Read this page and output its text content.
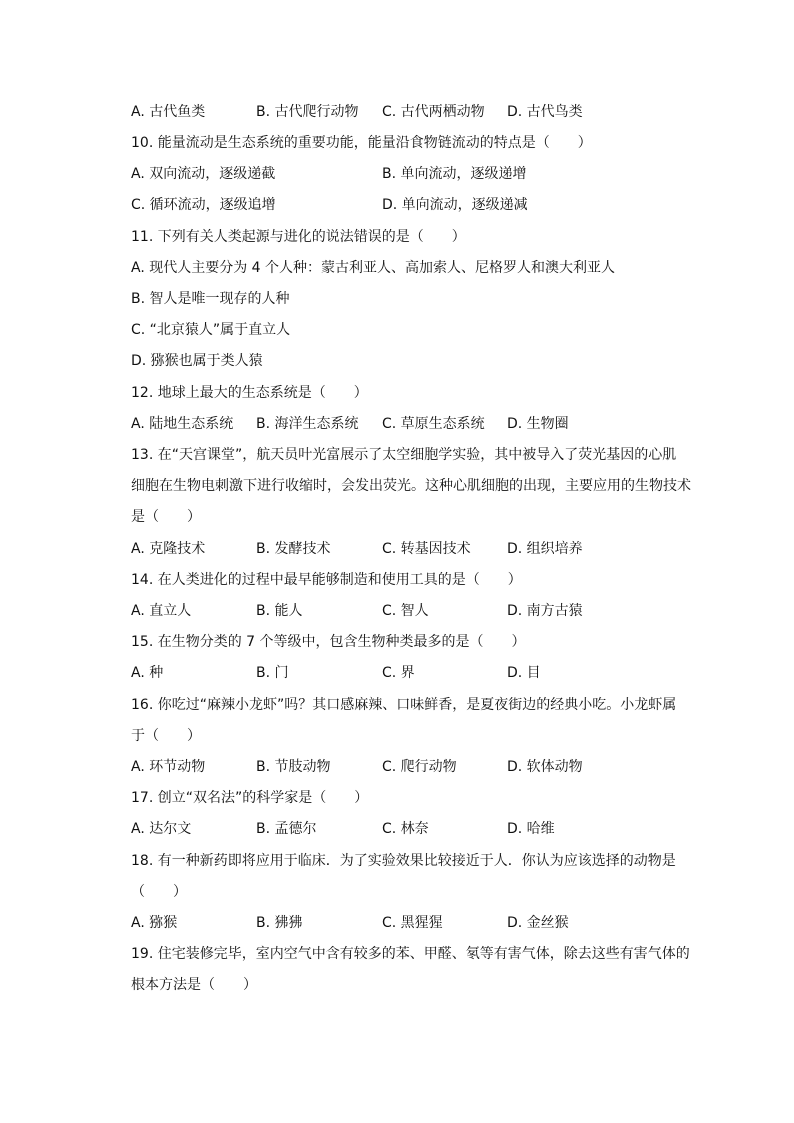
A. 古代鱼类	B. 古代爬行动物 C. 古代两栖动物 D. 古代鸟类
10. 能量流动是生态系统的重要功能，能量沿食物链流动的特点是（　　）
A. 双向流动，逐级递截	B. 单向流动，逐级递增
C. 循环流动，逐级追增	D. 单向流动，逐级递减
11. 下列有关人类起源与进化的说法错误的是（　　）
A. 现代人主要分为 4 个人种：蒙古利亚人、高加索人、尼格罗人和澳大利亚人
B. 智人是唯一现存的人种
C. “北京猿人”属于直立人
D. 猕猴也属于类人猿
12. 地球上最大的生态系统是（　　）
A. 陆地生态系统 B. 海洋生态系统 C. 草原生态系统 D. 生物圈
13. 在“天宫课堂”，航天员叶光富展示了太空细胞学实验，其中被导入了荧光基因的心肌
细胞在生物电刺激下进行收缩时，会发出荧光。这种心肌细胞的出现，主要应用的生物技术
是（　　）
A. 克隆技术	B. 发酵技术	C. 转基因技术	D. 组织培养
14. 在人类进化的过程中最早能够制造和使用工具的是（　　）
A. 直立人	B. 能人	C. 智人	D. 南方古猿
15. 在生物分类的 7 个等级中，包含生物种类最多的是（　　）
A. 种	B. 门	C. 界	D. 目
16. 你吃过“麻辣小龙虾”吗？其口感麻辣、口味鲜香，是夏夜街边的经典小吃。小龙虾属
于（　　）
A. 环节动物	B. 节肢动物	C. 爬行动物	D. 软体动物
17. 创立“双名法”的科学家是（　　）
A. 达尔文	B. 孟德尔	C. 林奈	D. 哈维
18. 有一种新药即将应用于临床．为了实验效果比较接近于人．你认为应该选择的动物是
（　　）
A. 猕猴	B. 狒狒	C. 黑猩猩	D. 金丝猴
19. 住宅装修完毕，室内空气中含有较多的苯、甲醛、氡等有害气体，除去这些有害气体的
根本方法是（　　）
